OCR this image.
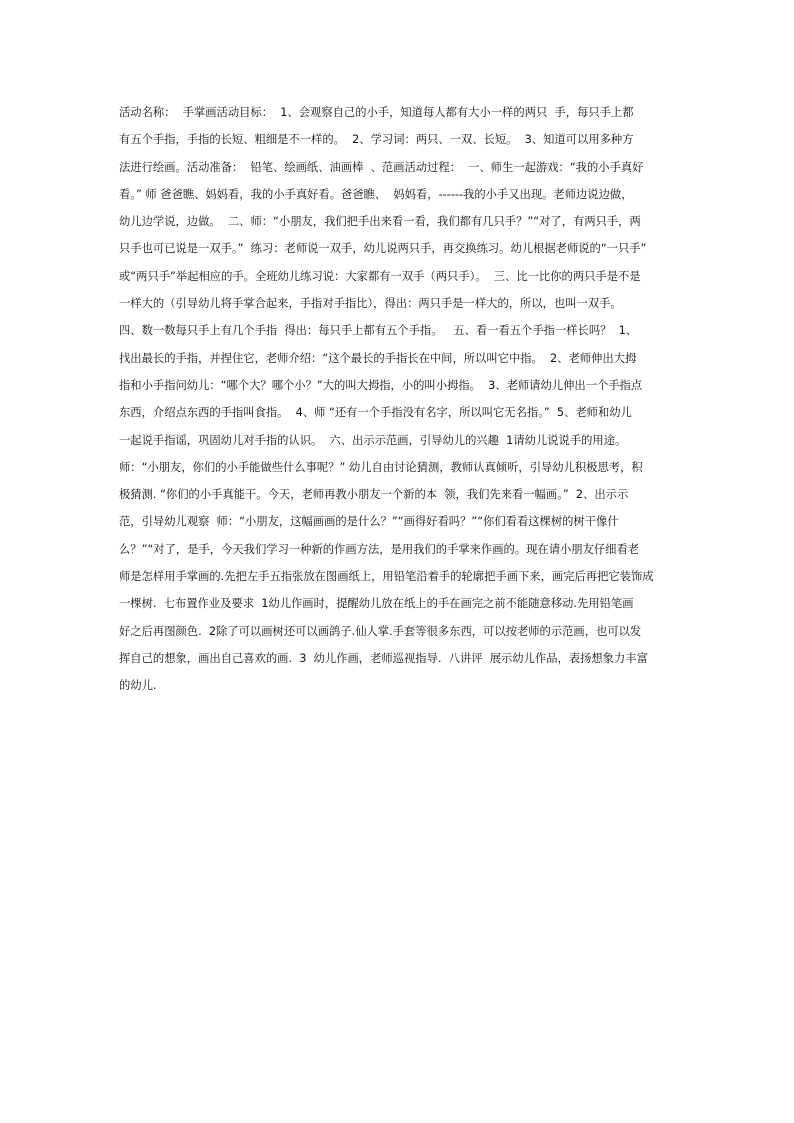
活动名称：  手掌画活动目标：  1、会观察自己的小手，知道每人都有大小一样的两只  手，每只手上都
有五个手指，手指的长短、粗细是不一样的。  2、学习词：两只、一双、长短。  3、知道可以用多种方
法进行绘画。活动准备：  铅笔、绘画纸、油画棒  、范画活动过程：  一、师生一起游戏：“我的小手真好
看。” 师 爸爸瞧、妈妈看，我的小手真好看。爸爸瞧、  妈妈看，------我的小手又出现。老师边说边做，
幼儿边学说，边做。  二、师：“小朋友，我们把手出来看一看，我们都有几只手？”“对了，有两只手，两
只手也可已说是一双手。”  练习：老师说一双手，幼儿说两只手，再交换练习。幼儿根据老师说的“一只手”
或“两只手”举起相应的手。全班幼儿练习说：大家都有一双手（两只手）。  三、比一比你的两只手是不是
一样大的（引导幼儿将手掌合起来，手指对手指比），得出：两只手是一样大的，所以，也叫一双手。
四、数一数每只手上有几个手指  得出：每只手上都有五个手指。   五、看一看五个手指一样长吗？  1、
找出最长的手指，并捏住它，老师介绍：“这个最长的手指长在中间，所以叫它中指。  2、老师伸出大拇
指和小手指问幼儿：“哪个大？哪个小？”大的叫大拇指，小的叫小拇指。  3、老师请幼儿伸出一个手指点
东西，介绍点东西的手指叫食指。  4、师 “还有一个手指没有名字，所以叫它无名指。”  5、老师和幼儿
一起说手指谣，巩固幼儿对手指的认识。  六、出示示范画，引导幼儿的兴趣  1请幼儿说说手的用途。
师：“小朋友，你们的小手能做些什么事呢？” 幼儿自由讨论猜测，教师认真倾听，引导幼儿积极思考，积
极猜测. “你们的小手真能干。今天，老师再教小朋友一个新的本  领，我们先来看一幅画。”  2、出示示
范，引导幼儿观察  师：“小朋友，这幅画画的是什么？”“画得好看吗？”“你们看看这棵树的树干像什
么？”“对了，是手，今天我们学习一种新的作画方法，是用我们的手掌来作画的。现在请小朋友仔细看老
师是怎样用手掌画的.先把左手五指张放在图画纸上，用铅笔沿着手的轮廓把手画下来，画完后再把它装饰成
一棵树.  七布置作业及要求  1幼儿作画时，提醒幼儿放在纸上的手在画完之前不能随意移动.先用铅笔画
好之后再图颜色.  2除了可以画树还可以画鸽子.仙人掌.手套等很多东西，可以按老师的示范画，也可以发
挥自己的想象，画出自己喜欢的画.  3  幼儿作画，老师巡视指导.  八讲评  展示幼儿作品，表扬想象力丰富
的幼儿.
